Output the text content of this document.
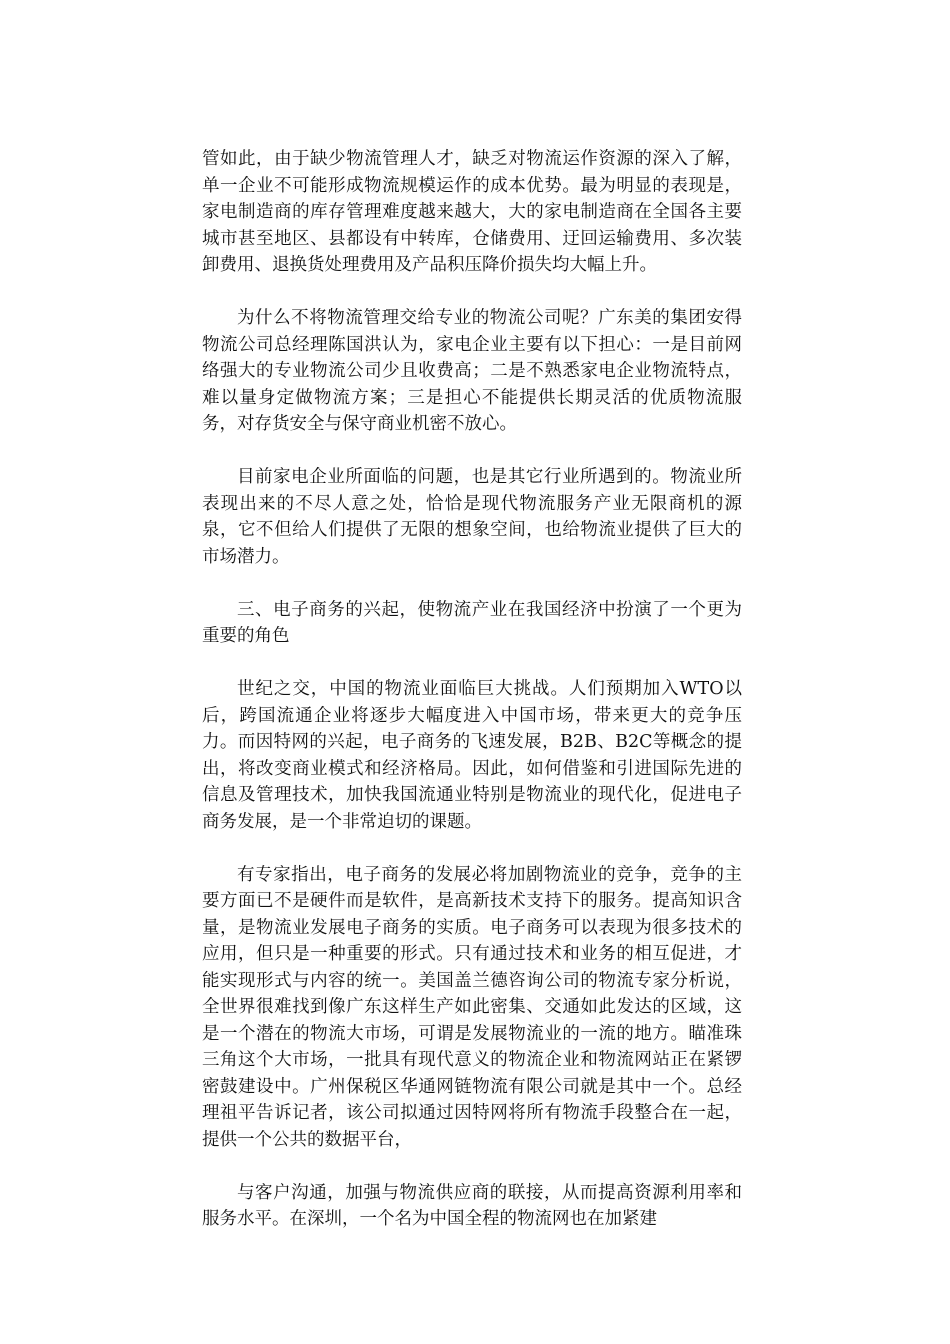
管如此，由于缺少物流管理人才，缺乏对物流运作资源的深入了解，单一企业不可能形成物流规模运作的成本优势。最为明显的表现是，家电制造商的库存管理难度越来越大，大的家电制造商在全国各主要城市甚至地区、县都设有中转库，仓储费用、迂回运输费用、多次装卸费用、退换货处理费用及产品积压降价损失均大幅上升。

为什么不将物流管理交给专业的物流公司呢？广东美的集团安得物流公司总经理陈国洪认为，家电企业主要有以下担心：一是目前网络强大的专业物流公司少且收费高；二是不熟悉家电企业物流特点，难以量身定做物流方案；三是担心不能提供长期灵活的优质物流服务，对存货安全与保守商业机密不放心。

目前家电企业所面临的问题，也是其它行业所遇到的。物流业所表现出来的不尽人意之处，恰恰是现代物流服务产业无限商机的源泉，它不但给人们提供了无限的想象空间，也给物流业提供了巨大的市场潜力。

三、电子商务的兴起，使物流产业在我国经济中扮演了一个更为重要的角色

世纪之交，中国的物流业面临巨大挑战。人们预期加入WTO以后，跨国流通企业将逐步大幅度进入中国市场，带来更大的竞争压力。而因特网的兴起，电子商务的飞速发展，B2B、B2C等概念的提出，将改变商业模式和经济格局。因此，如何借鉴和引进国际先进的信息及管理技术，加快我国流通业特别是物流业的现代化，促进电子商务发展，是一个非常迫切的课题。

有专家指出，电子商务的发展必将加剧物流业的竞争，竞争的主要方面已不是硬件而是软件，是高新技术支持下的服务。提高知识含量，是物流业发展电子商务的实质。电子商务可以表现为很多技术的应用，但只是一种重要的形式。只有通过技术和业务的相互促进，才能实现形式与内容的统一。美国盖兰德咨询公司的物流专家分析说，全世界很难找到像广东这样生产如此密集、交通如此发达的区域，这是一个潜在的物流大市场，可谓是发展物流业的一流的地方。瞄准珠三角这个大市场，一批具有现代意义的物流企业和物流网站正在紧锣密鼓建设中。广州保税区华通网链物流有限公司就是其中一个。总经理祖平告诉记者，该公司拟通过因特网将所有物流手段整合在一起，提供一个公共的数据平台，

与客户沟通，加强与物流供应商的联接，从而提高资源利用率和服务水平。在深圳，一个名为中国全程的物流网也在加紧建
